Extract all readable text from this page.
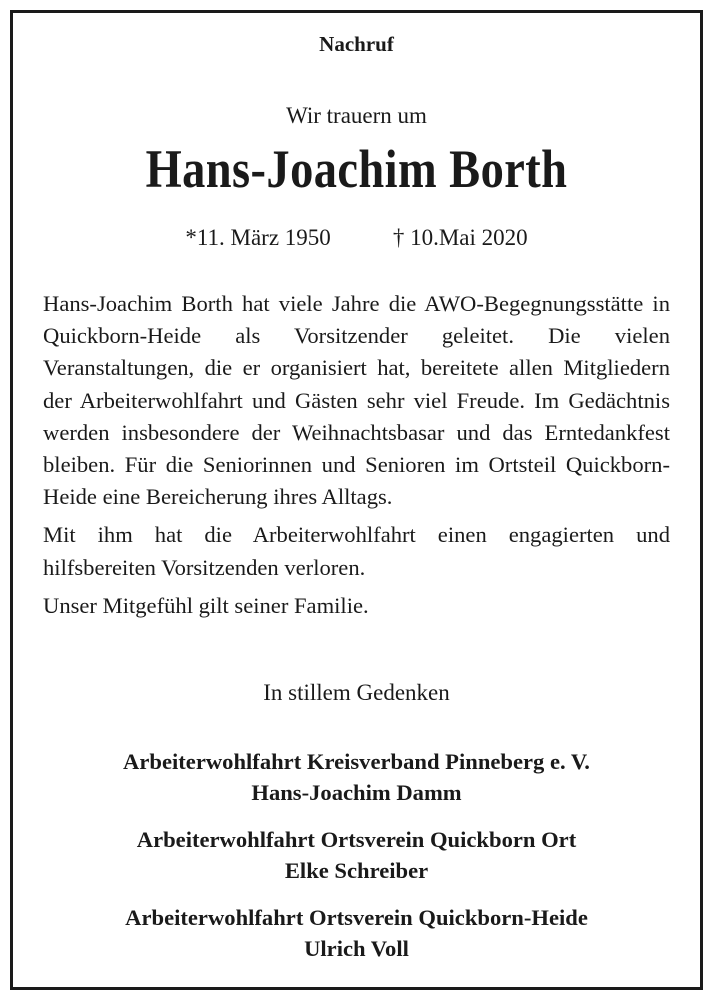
Nachruf
Wir trauern um
Hans-Joachim Borth
*11. März 1950	† 10.Mai 2020

Hans-Joachim Borth hat viele Jahre die AWO-Begegnungsstätte in Quickborn-Heide als Vorsitzender geleitet. Die vielen Veranstaltungen, die er organisiert hat, bereitete allen Mitgliedern der Arbeiterwohlfahrt und Gästen sehr viel Freude. Im Gedächtnis werden insbesondere der Weihnachtsbasar und das Erntedankfest bleiben. Für die Seniorinnen und Senioren im Ortsteil Quickborn-Heide eine Bereicherung ihres Alltags.

Mit ihm hat die Arbeiterwohlfahrt einen engagierten und hilfsbereiten Vorsitzenden verloren.

Unser Mitgefühl gilt seiner Familie.

In stillem Gedenken
Arbeiterwohlfahrt Kreisverband Pinneberg e. V.
Hans-Joachim Damm
Arbeiterwohlfahrt Ortsverein Quickborn Ort
Elke Schreiber
Arbeiterwohlfahrt Ortsverein Quickborn-Heide
Ulrich Voll
